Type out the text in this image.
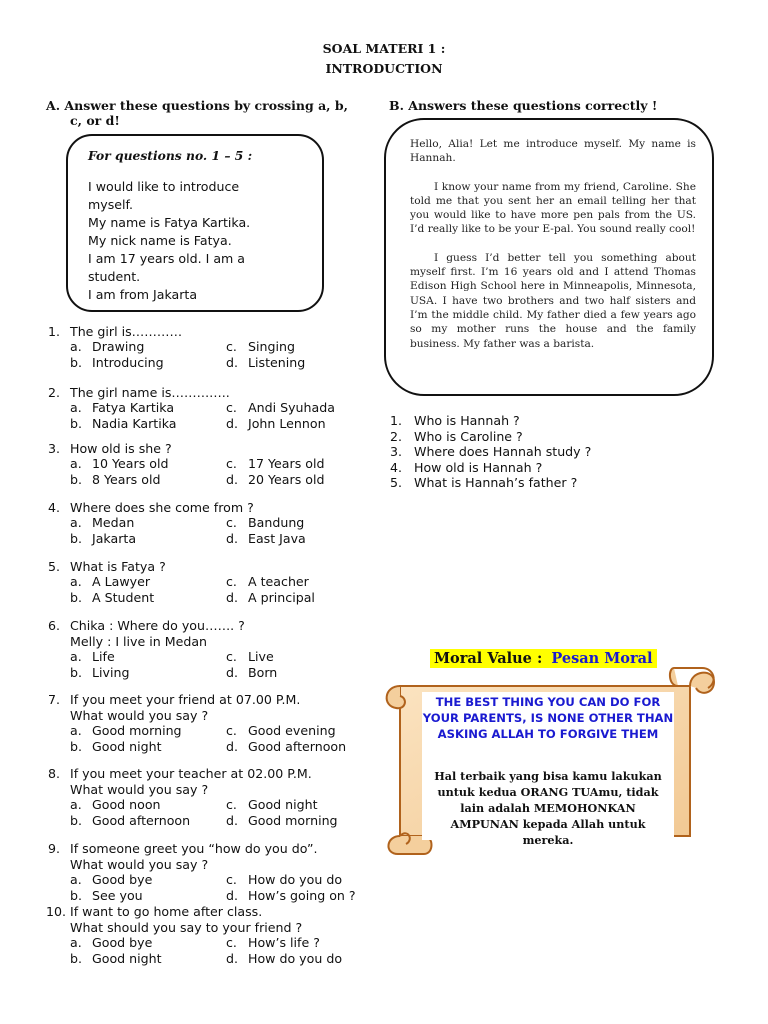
SOAL MATERI 1 :
INTRODUCTION
A. Answer these questions by crossing a, b,
c, or d!
For questions no. 1 – 5 :
I would like to introduce
myself.
My name is Fatya Kartika.
My nick name is Fatya.
I am 17 years old. I am a
student.
I am from Jakarta
1. The girl is…………
a. Drawing	c. Singing
b. Introducing	d. Listening
2. The girl name is…………..
a. Fatya Kartika	c. Andi Syuhada
b. Nadia Kartika	d. John Lennon
3. How old is she ?
a. 10 Years old	c. 17 Years old
b. 8 Years old	d. 20 Years old
4. Where does she come from ?
a. Medan	c. Bandung
b. Jakarta	d. East Java
5. What is Fatya ?
a. A Lawyer	c. A teacher
b. A Student	d. A principal
6. Chika : Where do you……. ?
Melly : I live in Medan
a. Life	c. Live
b. Living	d. Born
7. If you meet your friend at 07.00 P.M.
What would you say ?
a. Good morning	c. Good evening
b. Good night	d. Good afternoon
8. If you meet your teacher at 02.00 P.M.
What would you say ?
a. Good noon	c. Good night
b. Good afternoon	d. Good morning
9. If someone greet you “how do you do”.
What would you say ?
a. Good bye	c. How do you do
b. See you	d. How’s going on ?
10. If want to go home after class.
What should you say to your friend ?
a. Good bye	c. How’s life ?
b. Good night	d. How do you do
B. Answers these questions correctly !

Hello, Alia! Let me introduce myself. My name is Hannah.

I know your name from my friend, Caroline. She told me that you sent her an email telling her that you would like to have more pen pals from the US. I’d really like to be your E-pal. You sound really cool!

I guess I’d better tell you something about myself first. I’m 16 years old and I attend Thomas Edison High School here in Minneapolis, Minnesota, USA. I have two brothers and two half sisters and I’m the middle child. My father died a few years ago so my mother runs the house and the family business. My father was a barista.

1. Who is Hannah ?
2. Who is Caroline ?
3. Where does Hannah study ?
4. How old is Hannah ?
5. What is Hannah’s father ?
Moral Value : Pesan Moral
THE BEST THING YOU CAN DO FOR YOUR PARENTS, IS NONE OTHER THAN ASKING ALLAH TO FORGIVE THEM
Hal terbaik yang bisa kamu lakukan untuk kedua ORANG TUAmu, tidak lain adalah MEMOHONKAN AMPUNAN kepada Allah untuk mereka.
